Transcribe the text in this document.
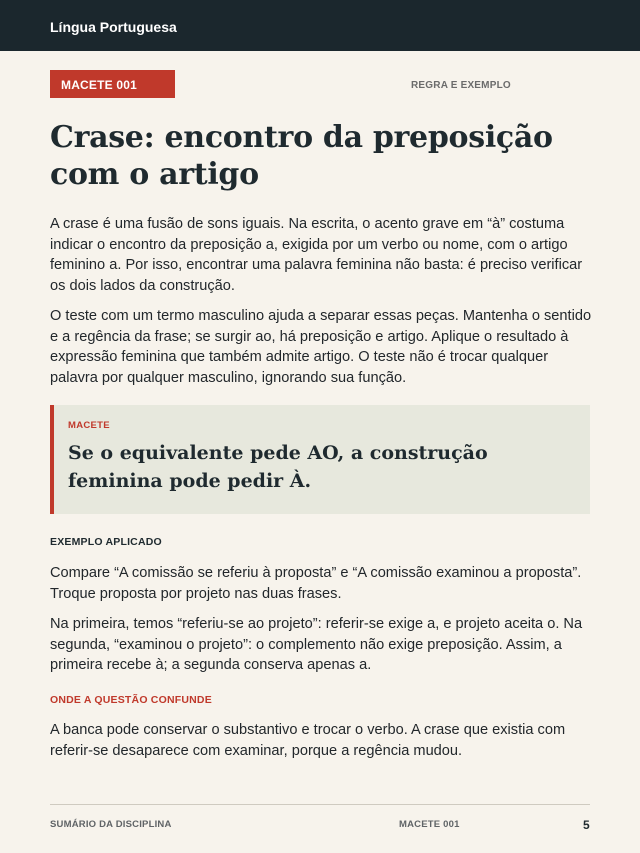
Língua Portuguesa
MACETE 001	REGRA E EXEMPLO
Crase: encontro da preposição com o artigo

A crase é uma fusão de sons iguais. Na escrita, o acento grave em “à” costuma indicar o encontro da preposição a, exigida por um verbo ou nome, com o artigo feminino a. Por isso, encontrar uma palavra feminina não basta: é preciso verificar os dois lados da construção.

O teste com um termo masculino ajuda a separar essas peças. Mantenha o sentido e a regência da frase; se surgir ao, há preposição e artigo. Aplique o resultado à expressão feminina que também admite artigo. O teste não é trocar qualquer palavra por qualquer masculino, ignorando sua função.

MACETE
Se o equivalente pede AO, a construção feminina pode pedir À.
EXEMPLO APLICADO

Compare “A comissão se referiu à proposta” e “A comissão examinou a proposta”. Troque proposta por projeto nas duas frases.

Na primeira, temos “referiu-se ao projeto”: referir-se exige a, e projeto aceita o. Na segunda, “examinou o projeto”: o complemento não exige preposição. Assim, a primeira recebe à; a segunda conserva apenas a.

ONDE A QUESTÃO CONFUNDE

A banca pode conservar o substantivo e trocar o verbo. A crase que existia com referir-se desaparece com examinar, porque a regência mudou.

SUMÁRIO DA DISCIPLINA	MACETE 001	5
